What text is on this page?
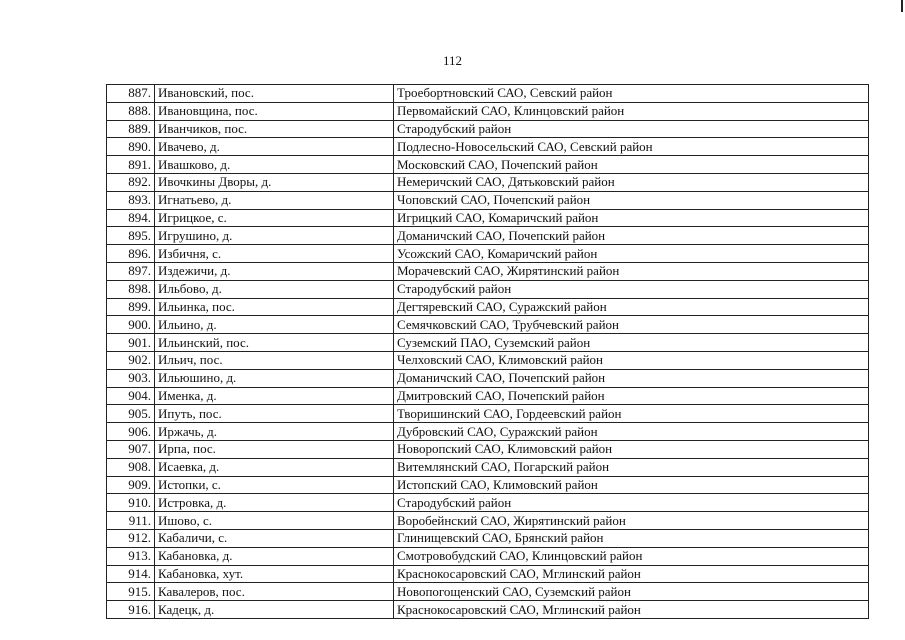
112
887.	Ивановский, пос.	Троебортновский САО, Севский район
888.	Ивановщина, пос.	Первомайский САО, Клинцовский район
889.	Иванчиков, пос.	Стародубский район
890.	Ивачево, д.	Подлесно-Новосельский САО, Севский район
891.	Ивашково, д.	Московский САО, Почепский район
892.	Ивочкины Дворы, д.	Немеричский САО, Дятьковский район
893.	Игнатьево, д.	Чоповский САО, Почепский район
894.	Игрицкое, с.	Игрицкий САО, Комаричский район
895.	Игрушино, д.	Доманичский САО, Почепский район
896.	Избичня, с.	Усожский САО, Комаричский район
897.	Издежичи, д.	Морачевский САО, Жирятинский район
898.	Ильбово, д.	Стародубский район
899.	Ильинка, пос.	Дегтяревский САО, Суражский район
900.	Ильино, д.	Семячковский САО, Трубчевский район
901.	Ильинский, пос.	Суземский ПАО, Суземский район
902.	Ильич, пос.	Челховский САО, Климовский район
903.	Ильюшино, д.	Доманичский САО, Почепский район
904.	Именка, д.	Дмитровский САО, Почепский район
905.	Ипуть, пос.	Творишинский САО, Гордеевский район
906.	Иржачь, д.	Дубровский САО, Суражский район
907.	Ирпа, пос.	Новоропский САО, Климовский район
908.	Исаевка, д.	Витемлянский САО, Погарский район
909.	Истопки, с.	Истопский САО, Климовский район
910.	Истровка, д.	Стародубский район
911.	Ишово, с.	Воробейнский САО, Жирятинский район
912.	Кабаличи, с.	Глинищевский САО, Брянский район
913.	Кабановка, д.	Смотровобудский САО, Клинцовский район
914.	Кабановка, хут.	Краснокосаровский САО, Мглинский район
915.	Кавалеров, пос.	Новопогощенский САО, Суземский район
916.	Кадецк, д.	Краснокосаровский САО, Мглинский район
